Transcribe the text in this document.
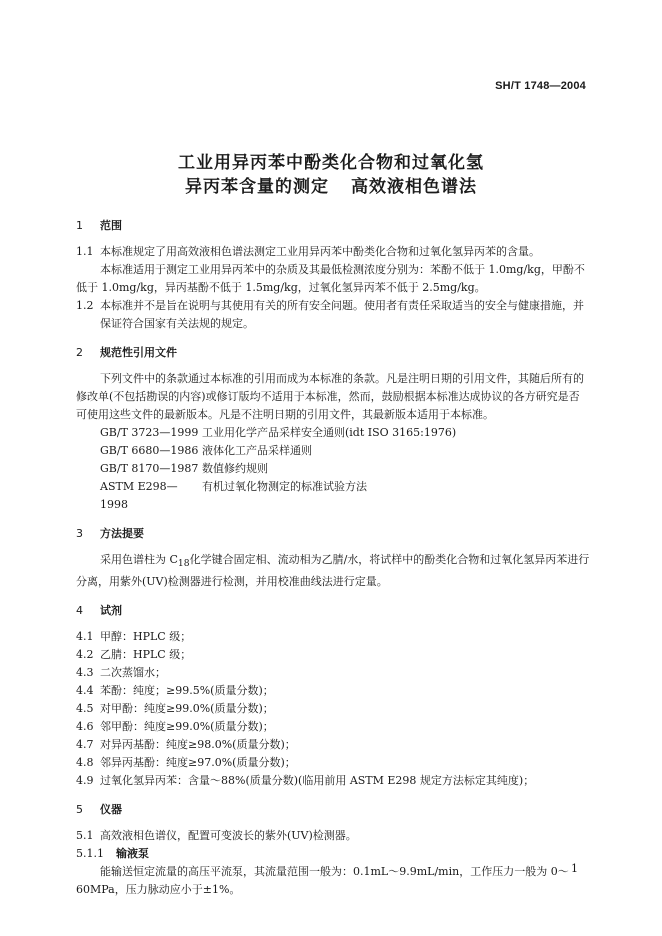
SH/T 1748—2004
工业用异丙苯中酚类化合物和过氧化氢
异丙苯含量的测定 高效液相色谱法
1 范围
1.1 本标准规定了用高效液相色谱法测定工业用异丙苯中酚类化合物和过氧化氢异丙苯的含量。
本标准适用于测定工业用异丙苯中的杂质及其最低检测浓度分别为：苯酚不低于 1.0mg/kg，甲酚不低于 1.0mg/kg，异丙基酚不低于 1.5mg/kg，过氧化氢异丙苯不低于 2.5mg/kg。
1.2 本标准并不是旨在说明与其使用有关的所有安全问题。使用者有责任采取适当的安全与健康措施，并保证符合国家有关法规的规定。
2 规范性引用文件
下列文件中的条款通过本标准的引用而成为本标准的条款。凡是注明日期的引用文件，其随后所有的修改单(不包括勘误的内容)或修订版均不适用于本标准，然而，鼓励根据本标准达成协议的各方研究是否可使用这些文件的最新版本。凡是不注明日期的引用文件，其最新版本适用于本标准。
GB/T 3723—1999 工业用化学产品采样安全通则(idt ISO 3165:1976)
GB/T 6680—1986 液体化工产品采样通则
GB/T 8170—1987 数值修约规则
ASTM E298—1998
有机过氧化物测定的标准试验方法
3 方法提要
采用色谱柱为 $C_{18}$化学键合固定相、流动相为乙腈/水，将试样中的酚类化合物和过氧化氢异丙苯进行分离，用紫外(UV)检测器进行检测，并用校准曲线法进行定量。
4 试剂
4.1 甲醇：HPLC 级；
4.2 乙腈：HPLC 级；
4.3 二次蒸馏水；
4.4 苯酚：纯度；≥99.5%(质量分数)；
4.5 对甲酚：纯度≥99.0%(质量分数)；
4.6 邻甲酚：纯度≥99.0%(质量分数)；
4.7 对异丙基酚：纯度≥98.0%(质量分数)；
4.8 邻异丙基酚：纯度≥97.0%(质量分数)；
4.9 过氧化氢异丙苯：含量～88%(质量分数)(临用前用 ASTM E298 规定方法标定其纯度)；
5 仪器
5.1 高效液相色谱仪，配置可变波长的紫外(UV)检测器。
5.1.1	输液泵
能输送恒定流量的高压平流泵，其流量范围一般为：0.1mL～9.9mL/min，工作压力一般为 0～60MPa，压力脉动应小于±1%。
1
